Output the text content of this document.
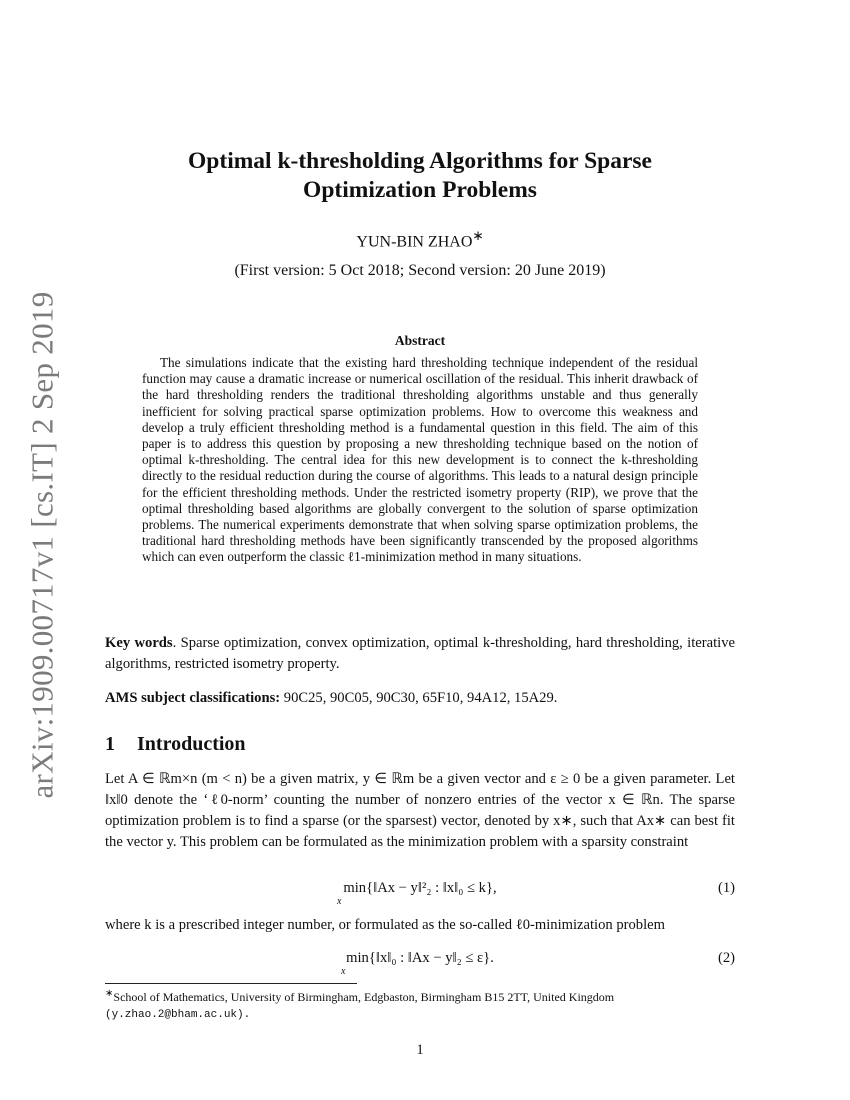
arXiv:1909.00717v1 [cs.IT] 2 Sep 2019
Optimal k-thresholding Algorithms for Sparse
Optimization Problems
YUN-BIN ZHAO∗
(First version: 5 Oct 2018; Second version: 20 June 2019)
Abstract

The simulations indicate that the existing hard thresholding technique independent of the residual function may cause a dramatic increase or numerical oscillation of the residual. This inherit drawback of the hard thresholding renders the traditional thresholding algorithms unstable and thus generally inefficient for solving practical sparse optimization problems. How to overcome this weakness and develop a truly efficient thresholding method is a fundamental question in this field. The aim of this paper is to address this question by proposing a new thresholding technique based on the notion of optimal k-thresholding. The central idea for this new development is to connect the k-thresholding directly to the residual reduction during the course of algorithms. This leads to a natural design principle for the efficient thresholding methods. Under the restricted isometry property (RIP), we prove that the optimal thresholding based algorithms are globally convergent to the solution of sparse optimization problems. The numerical experiments demonstrate that when solving sparse optimization problems, the traditional hard thresholding methods have been significantly transcended by the proposed algorithms which can even outperform the classic ℓ1-minimization method in many situations.

Key words. Sparse optimization, convex optimization, optimal k-thresholding, hard thresholding, iterative algorithms, restricted isometry property.

AMS subject classifications: 90C25, 90C05, 90C30, 65F10, 94A12, 15A29.

1 Introduction

Let A ∈ ℝm×n (m < n) be a given matrix, y ∈ ℝm be a given vector and ε ≥ 0 be a given parameter. Let ‖x‖0 denote the ‘ℓ0-norm’ counting the number of nonzero entries of the vector x ∈ ℝn. The sparse optimization problem is to find a sparse (or the sparsest) vector, denoted by x∗, such that Ax∗ can best fit the vector y. This problem can be formulated as the minimization problem with a sparsity constraint

min{‖Ax − y‖²₂ : ‖x‖₀ ≤ k},
x
(1)

where k is a prescribed integer number, or formulated as the so-called ℓ0-minimization problem

min{‖x‖₀ : ‖Ax − y‖₂ ≤ ε}.
x
(2)

∗School of Mathematics, University of Birmingham, Edgbaston, Birmingham B15 2TT, United Kingdom
(y.zhao.2@bham.ac.uk).

1
